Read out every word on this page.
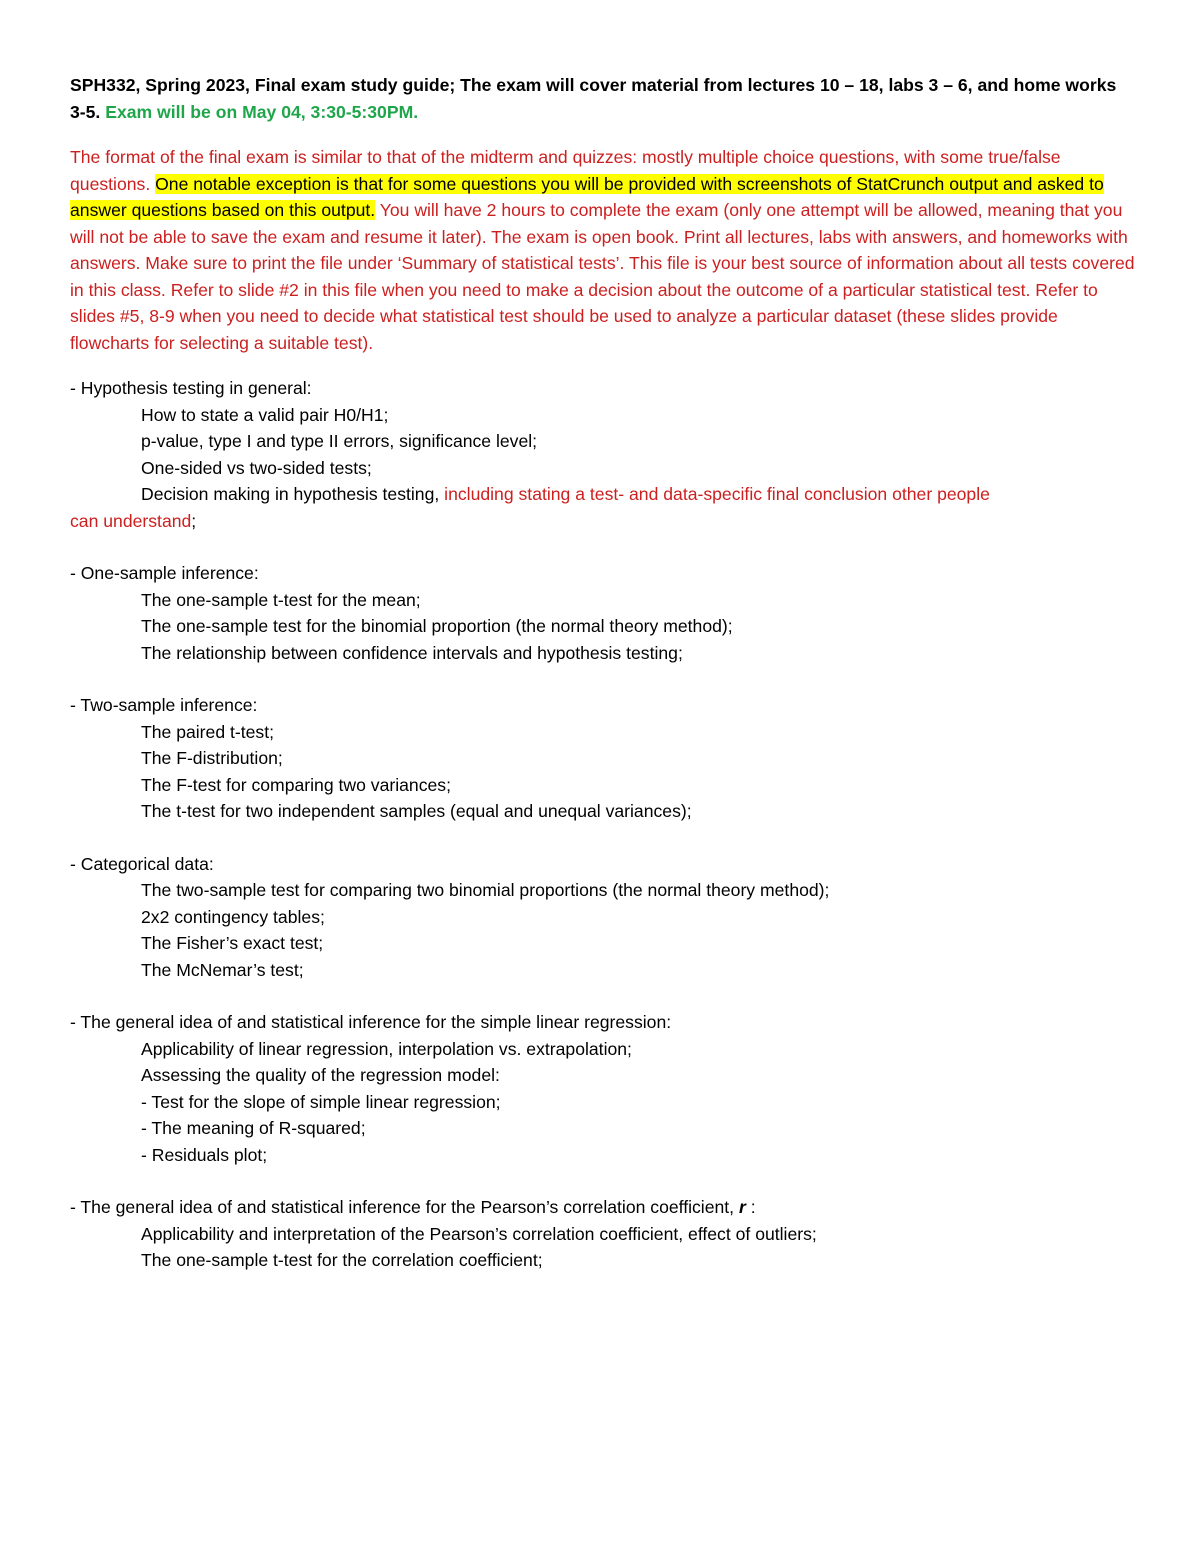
SPH332, Spring 2023, Final exam study guide; The exam will cover material from lectures 10 – 18, labs 3 – 6, and home works 3-5. Exam will be on May 04, 3:30-5:30PM.

The format of the final exam is similar to that of the midterm and quizzes: mostly multiple choice questions, with some true/false questions. One notable exception is that for some questions you will be provided with screenshots of StatCrunch output and asked to answer questions based on this output. You will have 2 hours to complete the exam (only one attempt will be allowed, meaning that you will not be able to save the exam and resume it later). The exam is open book. Print all lectures, labs with answers, and homeworks with answers. Make sure to print the file under ‘Summary of statistical tests’. This file is your best source of information about all tests covered in this class. Refer to slide #2 in this file when you need to make a decision about the outcome of a particular statistical test. Refer to slides #5, 8-9 when you need to decide what statistical test should be used to analyze a particular dataset (these slides provide flowcharts for selecting a suitable test).

- Hypothesis testing in general:

How to state a valid pair H0/H1;

p-value, type I and type II errors, significance level;

One-sided vs two-sided tests;

Decision making in hypothesis testing, including stating a test- and data-specific final conclusion other people

can understand;

- One-sample inference:

The one-sample t-test for the mean;

The one-sample test for the binomial proportion (the normal theory method);

The relationship between confidence intervals and hypothesis testing;

- Two-sample inference:

The paired t-test;

The F-distribution;

The F-test for comparing two variances;

The t-test for two independent samples (equal and unequal variances);

- Categorical data:

The two-sample test for comparing two binomial proportions (the normal theory method);

2x2 contingency tables;

The Fisher’s exact test;

The McNemar’s test;

- The general idea of and statistical inference for the simple linear regression:

Applicability of linear regression, interpolation vs. extrapolation;

Assessing the quality of the regression model:

- Test for the slope of simple linear regression;

- The meaning of R-squared;

- Residuals plot;

- The general idea of and statistical inference for the Pearson’s correlation coefficient, r :

Applicability and interpretation of the Pearson’s correlation coefficient, effect of outliers;

The one-sample t-test for the correlation coefficient;
